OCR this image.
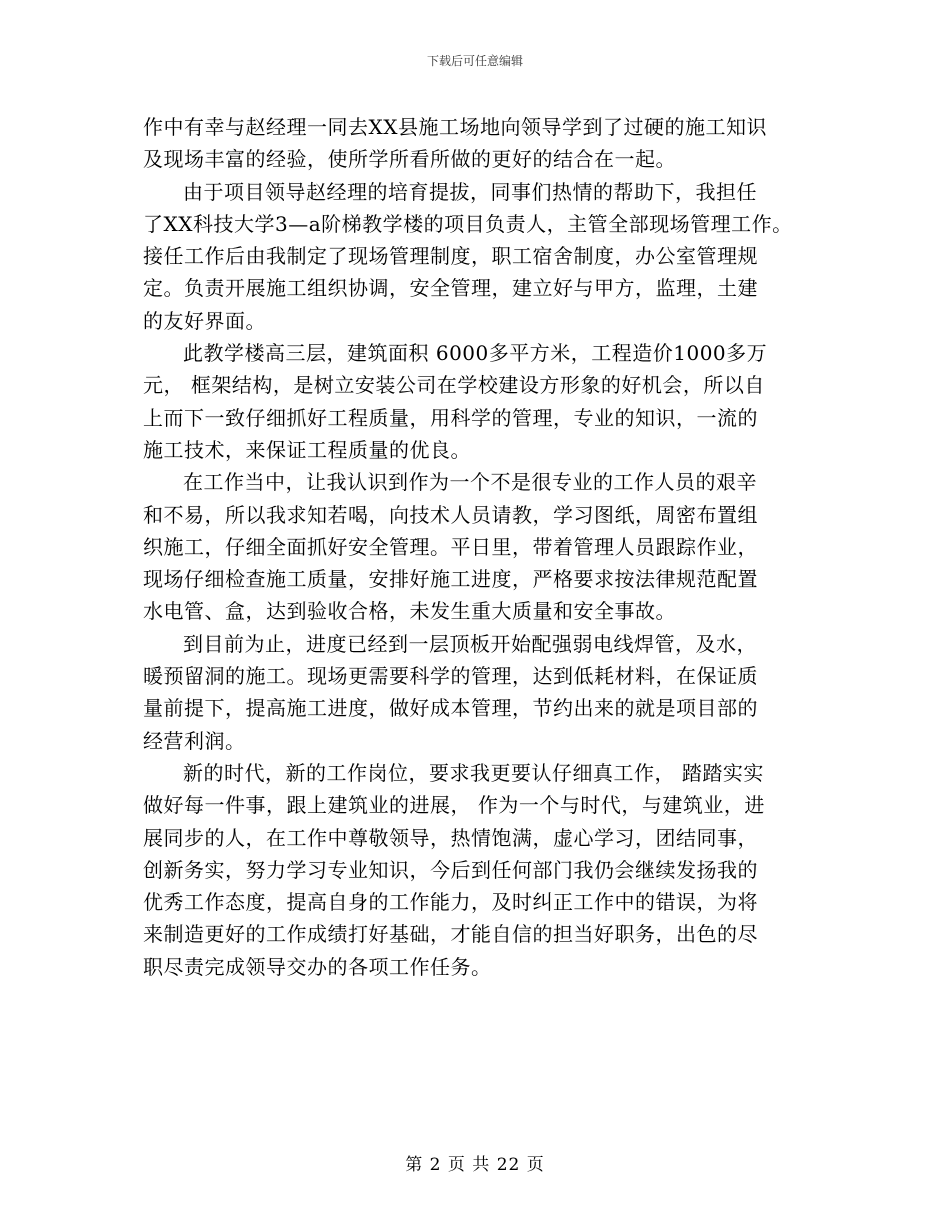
下载后可任意编辑
作中有幸与赵经理一同去XX县施工场地向领导学到了过硬的施工知识
及现场丰富的经验，使所学所看所做的更好的结合在一起。
由于项目领导赵经理的培育提拔，同事们热情的帮助下，我担任
了XX科技大学3—a阶梯教学楼的项目负责人，主管全部现场管理工作。
接任工作后由我制定了现场管理制度，职工宿舍制度，办公室管理规
定。负责开展施工组织协调，安全管理，建立好与甲方，监理，土建
的友好界面。
此教学楼高三层，建筑面积 6000多平方米，工程造价1000多万
元， 框架结构，是树立安装公司在学校建设方形象的好机会，所以自
上而下一致仔细抓好工程质量，用科学的管理，专业的知识，一流的
施工技术，来保证工程质量的优良。
在工作当中，让我认识到作为一个不是很专业的工作人员的艰辛
和不易，所以我求知若喝，向技术人员请教，学习图纸，周密布置组
织施工，仔细全面抓好安全管理。平日里，带着管理人员跟踪作业，
现场仔细检查施工质量，安排好施工进度，严格要求按法律规范配置
水电管、盒，达到验收合格，未发生重大质量和安全事故。
到目前为止，进度已经到一层顶板开始配强弱电线焊管，及水，
暖预留洞的施工。现场更需要科学的管理，达到低耗材料，在保证质
量前提下，提高施工进度，做好成本管理，节约出来的就是项目部的
经营利润。
新的时代，新的工作岗位，要求我更要认仔细真工作， 踏踏实实
做好每一件事，跟上建筑业的进展， 作为一个与时代，与建筑业，进
展同步的人，在工作中尊敬领导，热情饱满，虚心学习，团结同事，
创新务实，努力学习专业知识，今后到任何部门我仍会继续发扬我的
优秀工作态度，提高自身的工作能力，及时纠正工作中的错误，为将
来制造更好的工作成绩打好基础，才能自信的担当好职务，出色的尽
职尽责完成领导交办的各项工作任务。
第 2 页 共 22 页
